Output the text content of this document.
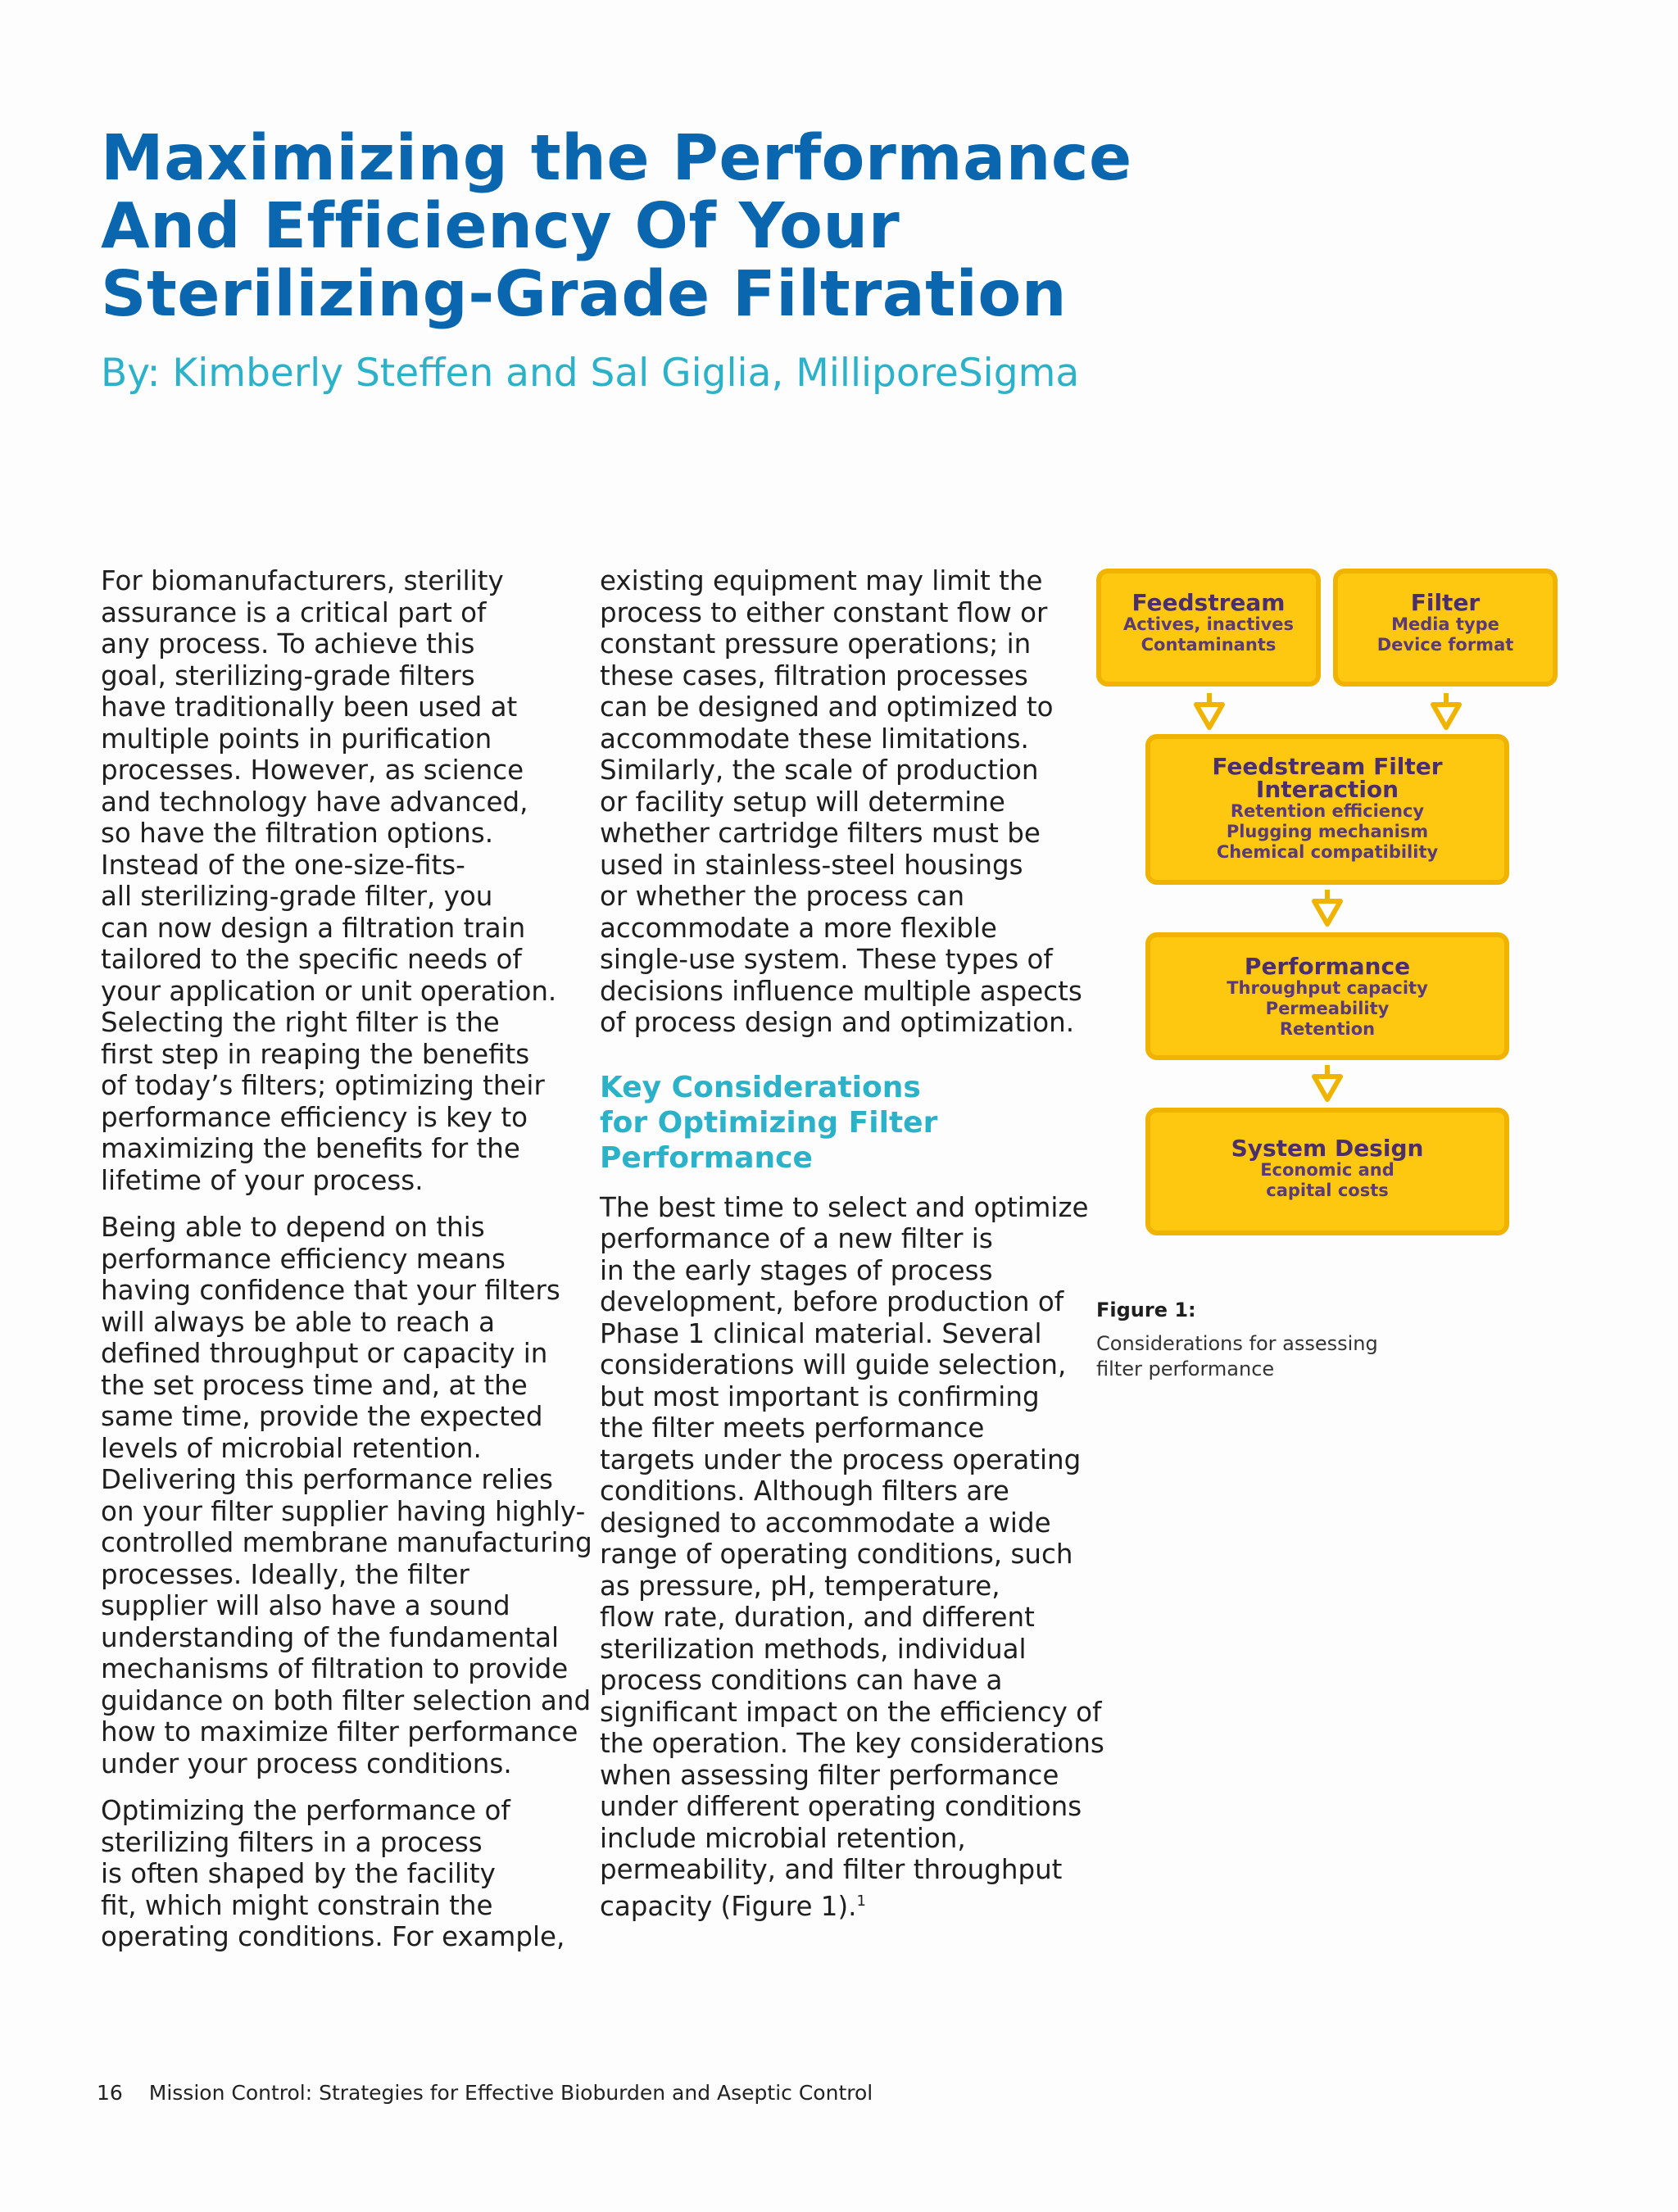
Maximizing the Performance
And Efficiency Of Your
Sterilizing-Grade Filtration
By: Kimberly Steffen and Sal Giglia, MilliporeSigma

For biomanufacturers, sterility
assurance is a critical part of
any process. To achieve this
goal, sterilizing-grade filters
have traditionally been used at
multiple points in purification
processes. However, as science
and technology have advanced,
so have the filtration options.
Instead of the one-size-fits-
all sterilizing-grade filter, you
can now design a filtration train
tailored to the specific needs of
your application or unit operation.
Selecting the right filter is the
first step in reaping the benefits
of today’s filters; optimizing their
performance efficiency is key to
maximizing the benefits for the
lifetime of your process.

Being able to depend on this
performance efficiency means
having confidence that your filters
will always be able to reach a
defined throughput or capacity in
the set process time and, at the
same time, provide the expected
levels of microbial retention.
Delivering this performance relies
on your filter supplier having highly-
controlled membrane manufacturing
processes. Ideally, the filter
supplier will also have a sound
understanding of the fundamental
mechanisms of filtration to provide
guidance on both filter selection and
how to maximize filter performance
under your process conditions.

Optimizing the performance of
sterilizing filters in a process
is often shaped by the facility
fit, which might constrain the
operating conditions. For example,

existing equipment may limit the
process to either constant flow or
constant pressure operations; in
these cases, filtration processes
can be designed and optimized to
accommodate these limitations.
Similarly, the scale of production
or facility setup will determine
whether cartridge filters must be
used in stainless-steel housings
or whether the process can
accommodate a more flexible
single-use system. These types of
decisions influence multiple aspects
of process design and optimization.

Key Considerations
for Optimizing Filter
Performance

The best time to select and optimize
performance of a new filter is
in the early stages of process
development, before production of
Phase 1 clinical material. Several
considerations will guide selection,
but most important is confirming
the filter meets performance
targets under the process operating
conditions. Although filters are
designed to accommodate a wide
range of operating conditions, such
as pressure, pH, temperature,
flow rate, duration, and different
sterilization methods, individual
process conditions can have a
significant impact on the efficiency of
the operation. The key considerations
when assessing filter performance
under different operating conditions
include microbial retention,
permeability, and filter throughput
capacity (Figure 1).$^1$

Feedstream
Actives, inactives
Contaminants
Filter
Media type
Device format
Feedstream Filter
Interaction
Retention efficiency
Plugging mechanism
Chemical compatibility
Performance
Throughput capacity
Permeability
Retention
System Design
Economic and
capital costs
Figure 1:
Considerations for assessing
filter performance
16 Mission Control: Strategies for Effective Bioburden and Aseptic Control
